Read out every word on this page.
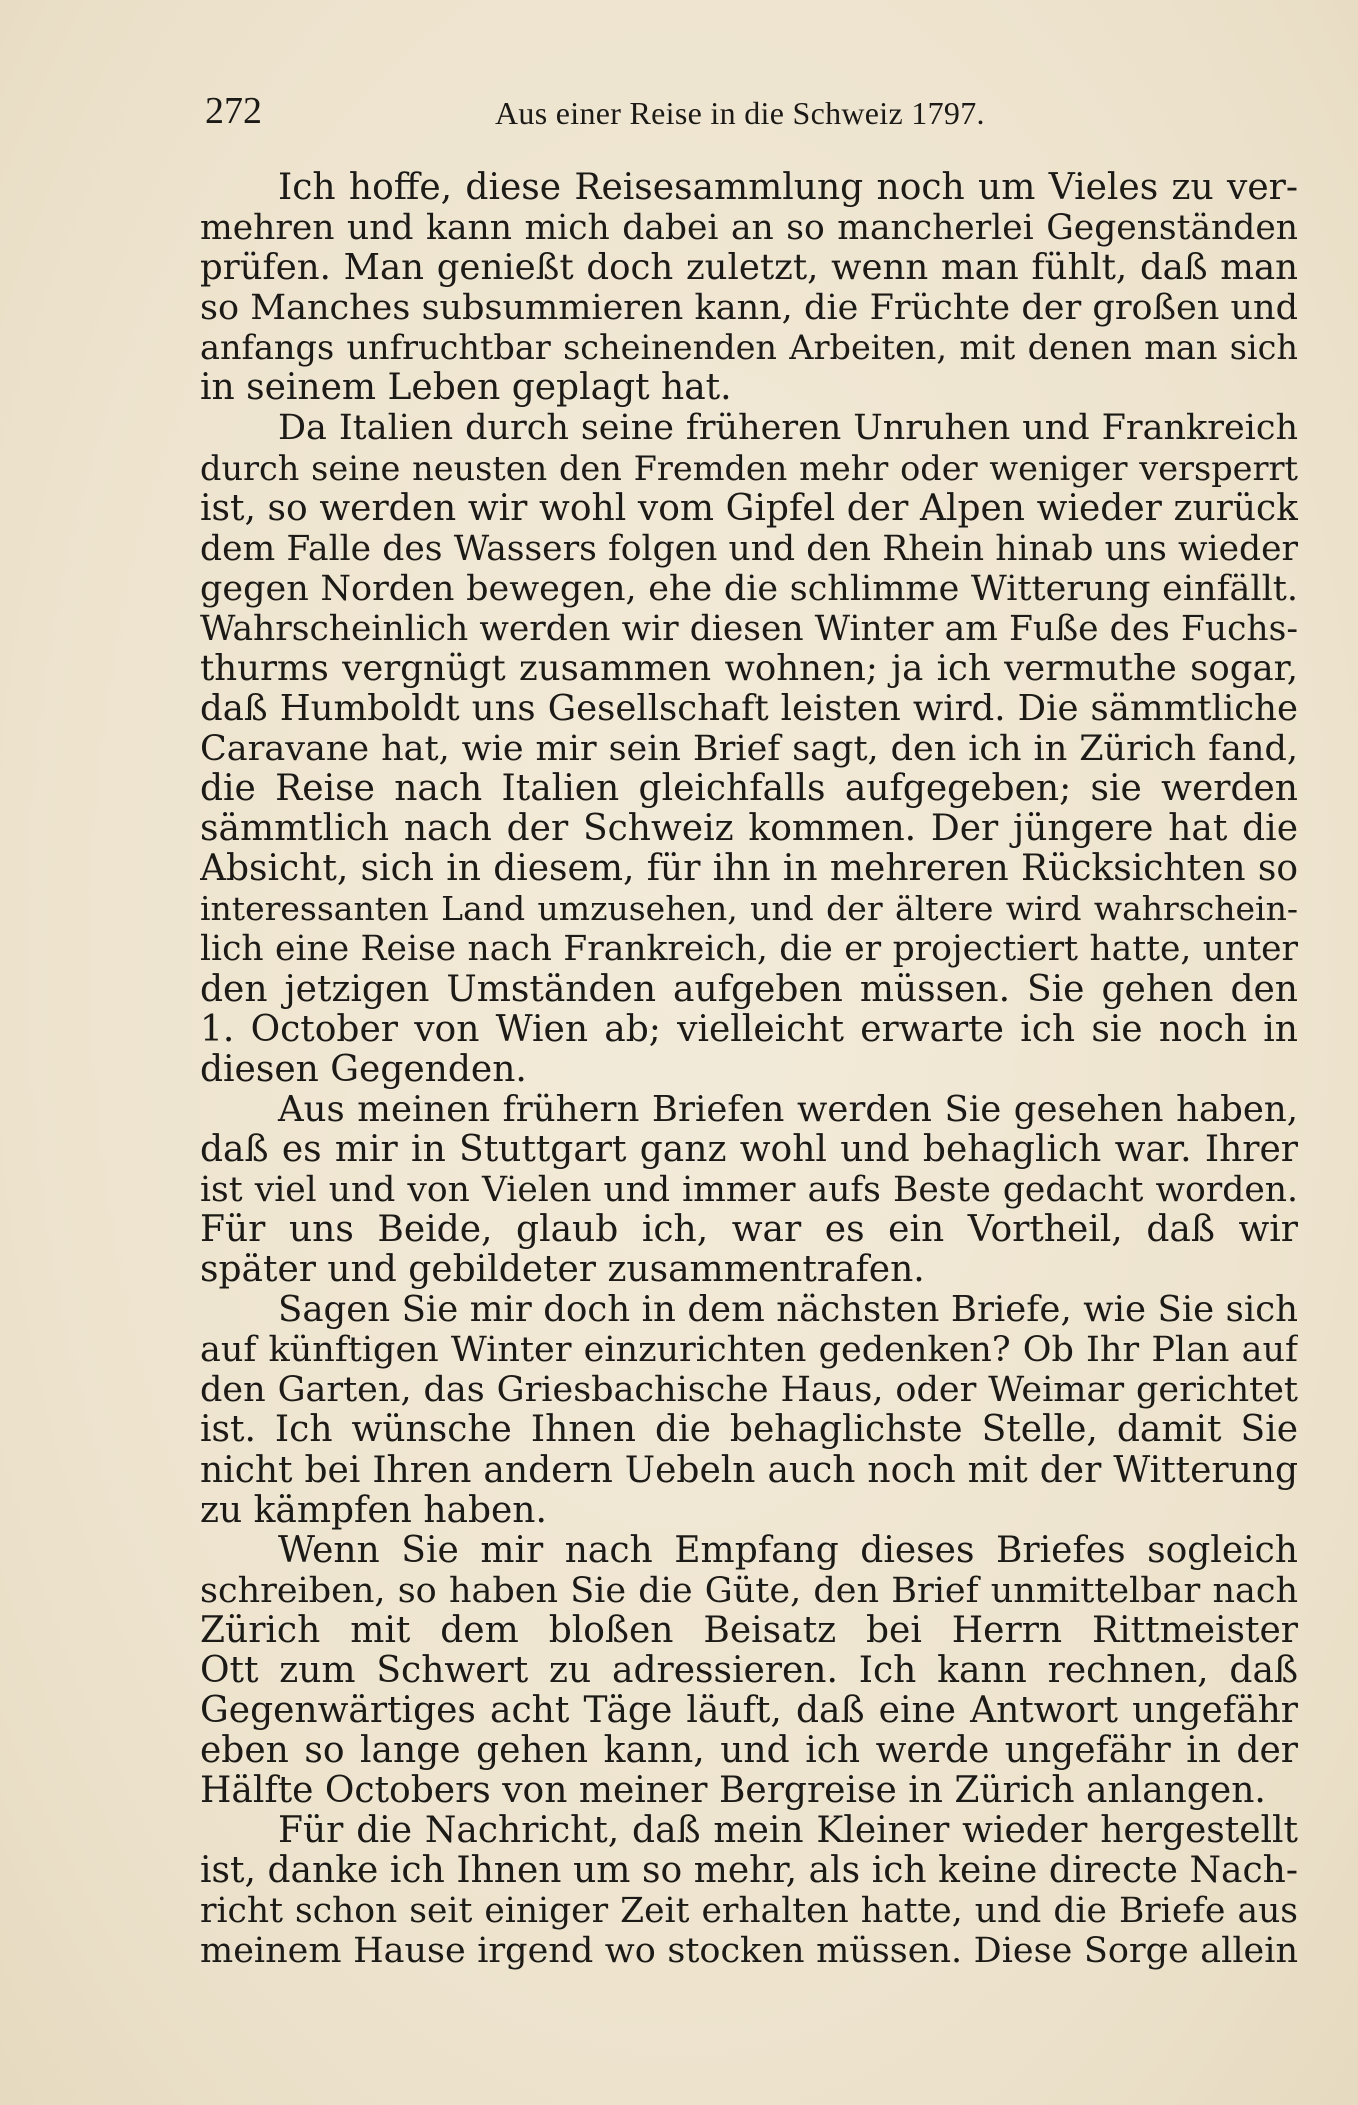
272	Aus einer Reise in die Schweiz 1797.
Ich hoffe, diese Reisesammlung noch um Vieles zu ver-
mehren und kann mich dabei an so mancherlei Gegenständen
prüfen. Man genießt doch zuletzt, wenn man fühlt, daß man
so Manches subsummieren kann, die Früchte der großen und
anfangs unfruchtbar scheinenden Arbeiten, mit denen man sich
in seinem Leben geplagt hat.
Da Italien durch seine früheren Unruhen und Frankreich
durch seine neusten den Fremden mehr oder weniger versperrt
ist, so werden wir wohl vom Gipfel der Alpen wieder zurück
dem Falle des Wassers folgen und den Rhein hinab uns wieder
gegen Norden bewegen, ehe die schlimme Witterung einfällt.
Wahrscheinlich werden wir diesen Winter am Fuße des Fuchs-
thurms vergnügt zusammen wohnen; ja ich vermuthe sogar,
daß Humboldt uns Gesellschaft leisten wird. Die sämmtliche
Caravane hat, wie mir sein Brief sagt, den ich in Zürich fand,
die Reise nach Italien gleichfalls aufgegeben; sie werden
sämmtlich nach der Schweiz kommen. Der jüngere hat die
Absicht, sich in diesem, für ihn in mehreren Rücksichten so
interessanten Land umzusehen, und der ältere wird wahrschein-
lich eine Reise nach Frankreich, die er projectiert hatte, unter
den jetzigen Umständen aufgeben müssen. Sie gehen den
1. October von Wien ab; vielleicht erwarte ich sie noch in
diesen Gegenden.
Aus meinen frühern Briefen werden Sie gesehen haben,
daß es mir in Stuttgart ganz wohl und behaglich war. Ihrer
ist viel und von Vielen und immer aufs Beste gedacht worden.
Für uns Beide, glaub ich, war es ein Vortheil, daß wir
später und gebildeter zusammentrafen.
Sagen Sie mir doch in dem nächsten Briefe, wie Sie sich
auf künftigen Winter einzurichten gedenken? Ob Ihr Plan auf
den Garten, das Griesbachische Haus, oder Weimar gerichtet
ist. Ich wünsche Ihnen die behaglichste Stelle, damit Sie
nicht bei Ihren andern Uebeln auch noch mit der Witterung
zu kämpfen haben.
Wenn Sie mir nach Empfang dieses Briefes sogleich
schreiben, so haben Sie die Güte, den Brief unmittelbar nach
Zürich mit dem bloßen Beisatz bei Herrn Rittmeister
Ott zum Schwert zu adressieren. Ich kann rechnen, daß
Gegenwärtiges acht Täge läuft, daß eine Antwort ungefähr
eben so lange gehen kann, und ich werde ungefähr in der
Hälfte Octobers von meiner Bergreise in Zürich anlangen.
Für die Nachricht, daß mein Kleiner wieder hergestellt
ist, danke ich Ihnen um so mehr, als ich keine directe Nach-
richt schon seit einiger Zeit erhalten hatte, und die Briefe aus
meinem Hause irgend wo stocken müssen. Diese Sorge allein
